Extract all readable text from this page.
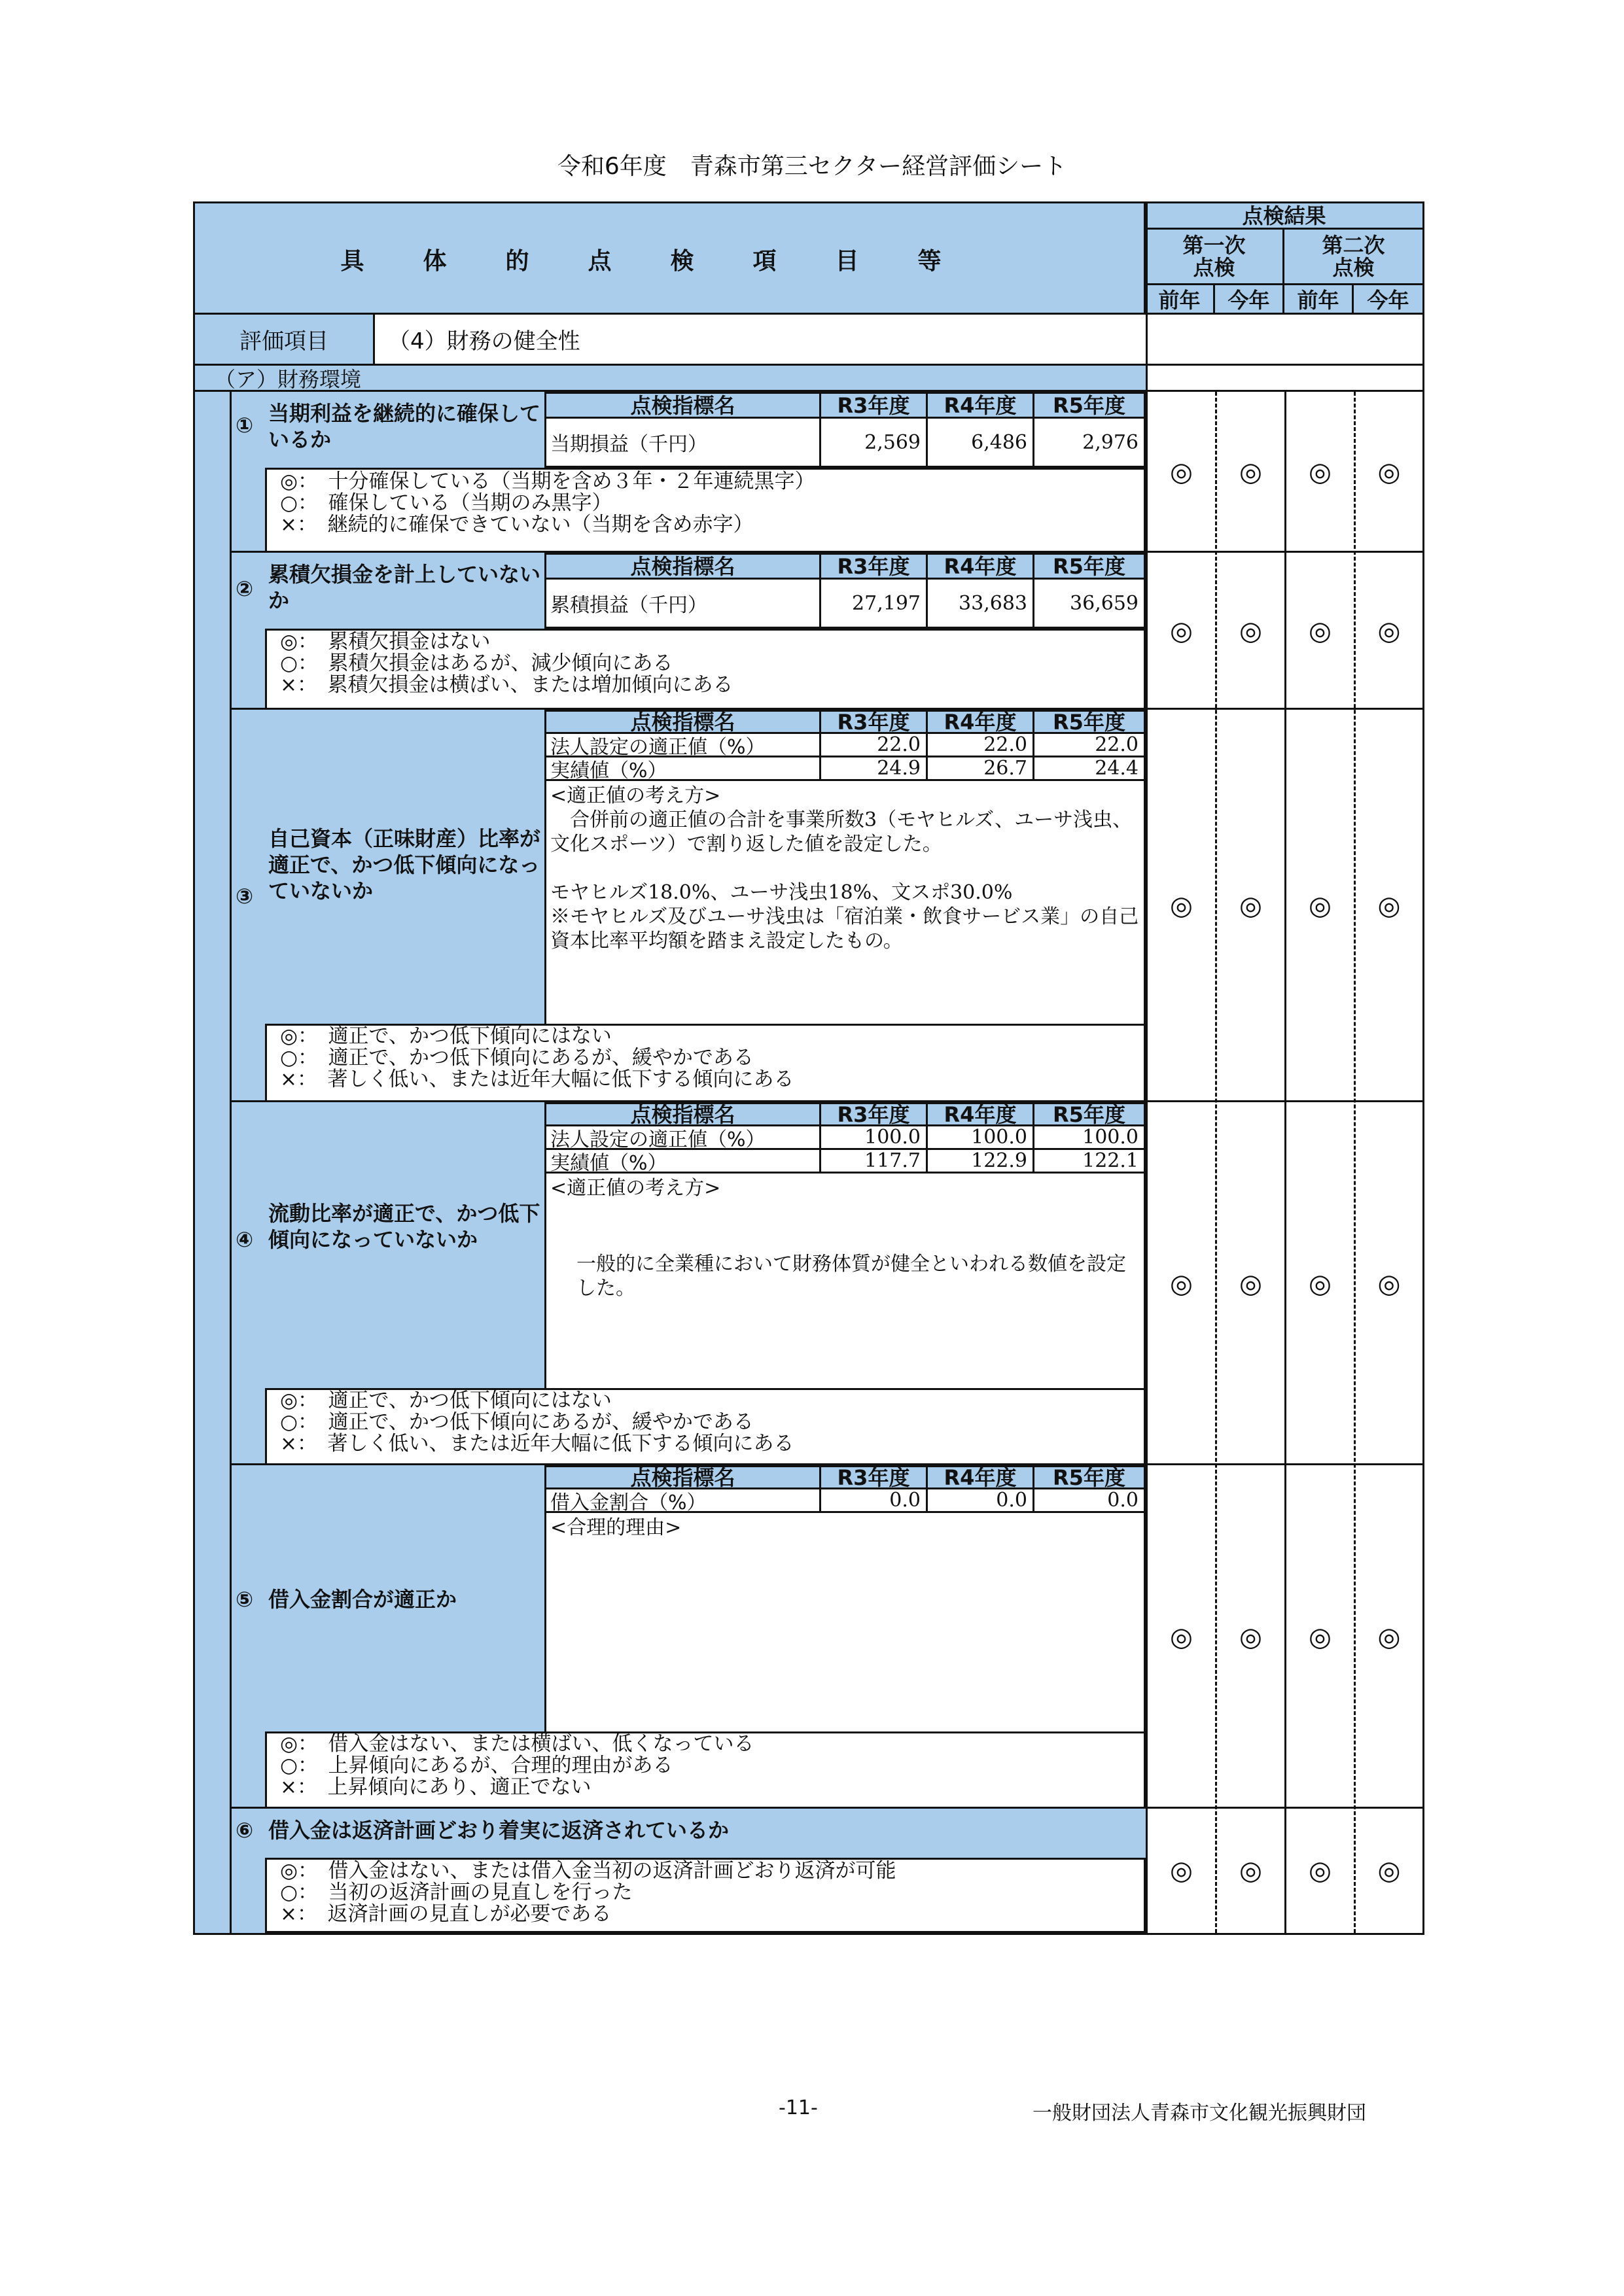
令和6年度　青森市第三セクター経営評価シート
具体的点検項目等
点検結果
第一次
点検
第二次
点検
前年	今年	前年	今年
評価項目	（4）財務の健全性
（ア）財務環境
① 当期利益を継続的に確保しているか
点検指標名	R3年度	R4年度	R5年度
当期損益（千円）	2,569	6,486	2,976
◎：　十分確保している（当期を含め３年・２年連続黒字）
○：　確保している（当期のみ黒字）
×：　継続的に確保できていない（当期を含め赤字）
◎	◎	◎	◎
②
累積欠損金を計上していないか
点検指標名	R3年度	R4年度	R5年度
累積損益（千円）	27,197	33,683	36,659
◎：　累積欠損金はない
○：　累積欠損金はあるが、減少傾向にある
×：　累積欠損金は横ばい、または増加傾向にある
◎	◎	◎	◎
③
自己資本（正味財産）比率が適正で、かつ低下傾向になっていないか
点検指標名	R3年度	R4年度	R5年度
法人設定の適正値（%）	22.0	22.0	22.0
実績値（%）	24.9	26.7	24.4
<適正値の考え方>
　合併前の適正値の合計を事業所数3（モヤヒルズ、ユーサ浅虫、文化スポーツ）で割り返した値を設定した。

モヤヒルズ18.0%、ユーサ浅虫18%、文スポ30.0%
※モヤヒルズ及びユーサ浅虫は「宿泊業・飲食サービス業」の自己資本比率平均額を踏まえ設定したもの。
◎：　適正で、かつ低下傾向にはない
○：　適正で、かつ低下傾向にあるが、緩やかである
×：　著しく低い、または近年大幅に低下する傾向にある
◎	◎	◎	◎
④
流動比率が適正で、かつ低下傾向になっていないか
点検指標名	R3年度	R4年度	R5年度
法人設定の適正値（%）	100.0	100.0	100.0
実績値（%）	117.7	122.9	122.1
<適正値の考え方>
一般的に全業種において財務体質が健全といわれる数値を設定した。
◎：　適正で、かつ低下傾向にはない
○：　適正で、かつ低下傾向にあるが、緩やかである
×：　著しく低い、または近年大幅に低下する傾向にある
◎	◎	◎	◎
⑤ 借入金割合が適正か
点検指標名	R3年度	R4年度	R5年度
借入金割合（%）	0.0	0.0	0.0
<合理的理由>
◎：　借入金はない、または横ばい、低くなっている
○：　上昇傾向にあるが、合理的理由がある
×：　上昇傾向にあり、適正でない
◎	◎	◎	◎
⑥ 借入金は返済計画どおり着実に返済されているか
◎：　借入金はない、または借入金当初の返済計画どおり返済が可能
○：　当初の返済計画の見直しを行った
×：　返済計画の見直しが必要である
◎	◎	◎	◎
-11-	一般財団法人青森市文化観光振興財団
